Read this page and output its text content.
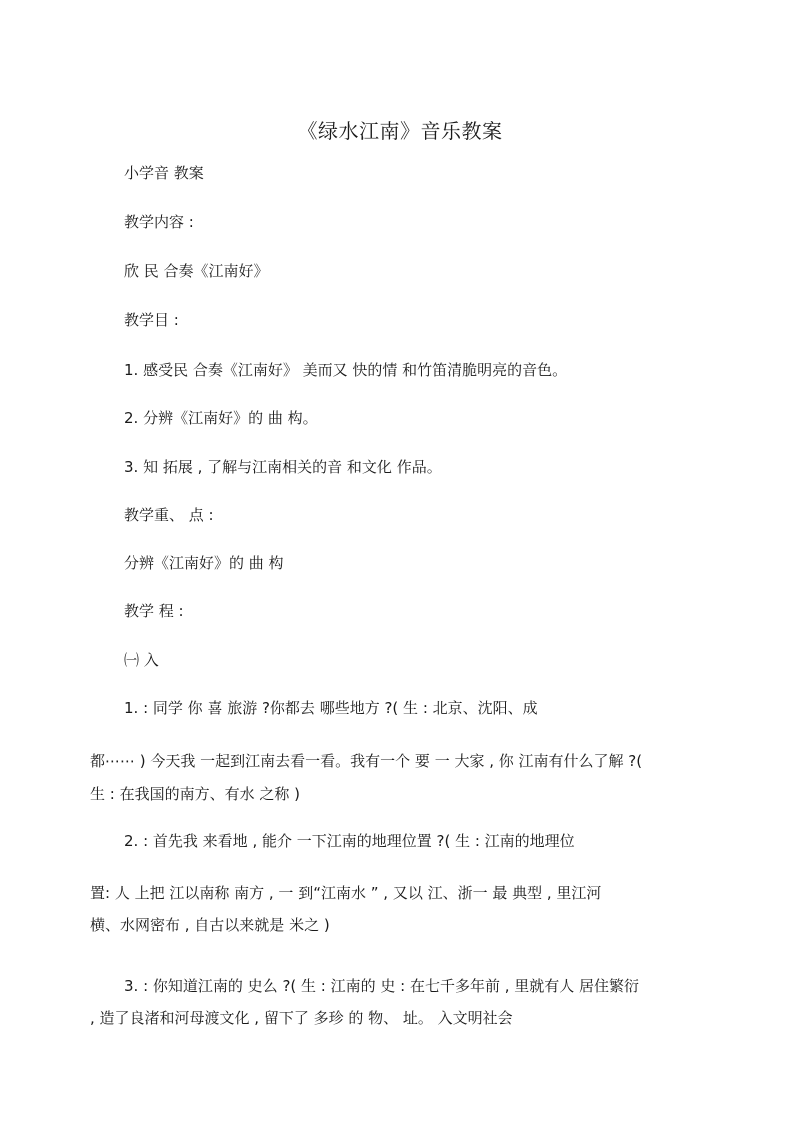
《绿水江南》音乐教案
小学音 教案
教学内容 :
欣 民 合奏《江南好》
教学目 :
1. 感受民 合奏《江南好》 美而又 快的情 和竹笛清脆明亮的音色。
2. 分辨《江南好》的 曲 构。
3. 知 拓展 , 了解与江南相关的音 和文化 作品。
教学重、 点 :
分辨《江南好》的 曲 构
教学 程 :
㈠ 入
1. : 同学 你 喜 旅游 ?你都去 哪些地方 ?( 生 : 北京、沈阳、成
都⋯⋯ ) 今天我 一起到江南去看一看。我有一个 要 一 大家 , 你 江南有什么了解 ?(
生 : 在我国的南方、有水 之称 )
2. : 首先我 来看地 , 能介 一下江南的地理位置 ?( 生 : 江南的地理位
置: 人 上把 江以南称 南方 , 一 到“江南水 ” , 又以 江、浙一 最 典型 , 里江河
横、水网密布 , 自古以来就是 米之 )
3. : 你知道江南的 史么 ?( 生 : 江南的 史 : 在七千多年前 , 里就有人 居住繁衍
, 造了良渚和河母渡文化 , 留下了 多珍 的 物、 址。 入文明社会
